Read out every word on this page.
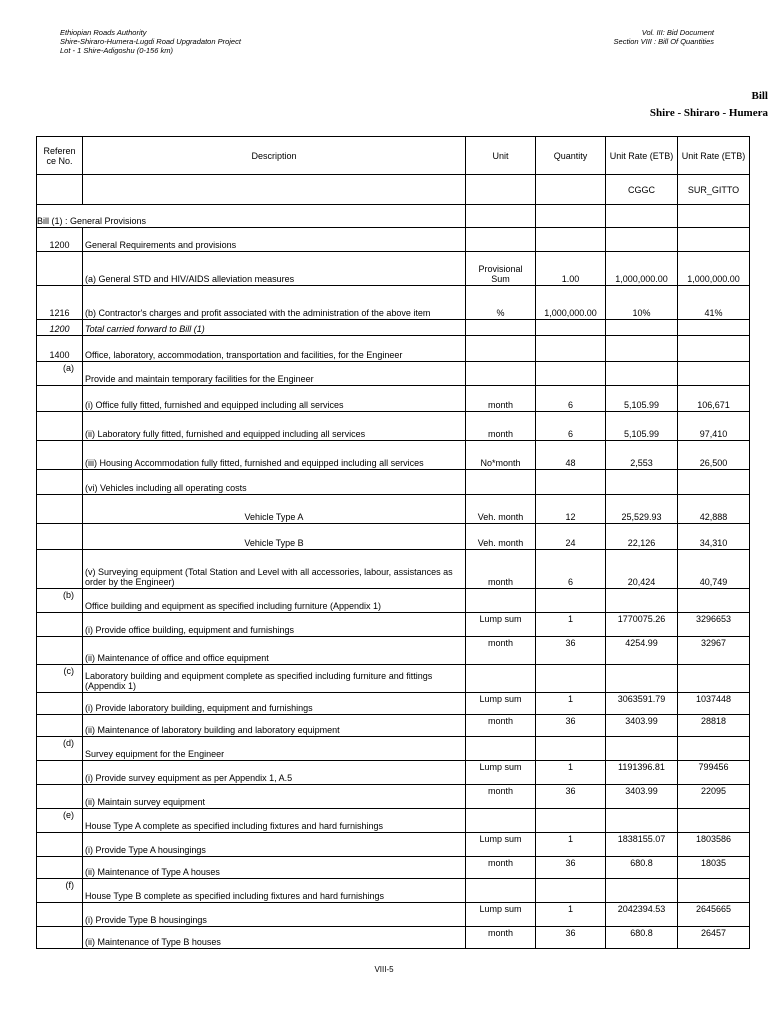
Ethiopian Roads Authority
Shire-Shiraro-Humera-Lugdi Road Upgradaton Project
Lot - 1 Shire-Adigoshu (0-156 km)
Vol. III: Bid Document
Section VIII : Bill Of Quantities
Bill
Shire - Shiraro - Humera
Referen ce No.	Description	Unit	Quantity	Unit Rate (ETB)	Unit Rate (ETB)
				CGGC	SUR_GITTO
Bill (1) : General Provisions					
1200	General Requirements and provisions				
	(a) General STD and HIV/AIDS alleviation measures	Provisional Sum	1.00	1,000,000.00	1,000,000.00
1216	(b) Contractor's charges and profit associated with the administration of the above item	%	1,000,000.00	10%	41%
1200	Total carried forward to Bill (1)				
1400	Office, laboratory, accommodation, transportation and facilities, for the Engineer				
(a)	Provide and maintain temporary facilities for the Engineer				
	(i) Office fully fitted, furnished and equipped including all services	month	6	5,105.99	106,671
	(ii) Laboratory fully fitted, furnished and equipped including all services	month	6	5,105.99	97,410
	(iii) Housing Accommodation fully fitted, furnished and equipped including all services	No*month	48	2,553	26,500
	(vi) Vehicles including all operating costs				
	Vehicle Type A	Veh. month	12	25,529.93	42,888
	Vehicle Type B	Veh. month	24	22,126	34,310
	(v) Surveying equipment (Total Station and Level with all accessories, labour, assistances as order by the Engineer)	month	6	20,424	40,749
(b)	Office building and equipment as specified including furniture (Appendix 1)				
	(i) Provide office building, equipment and furnishings	Lump sum	1	1770075.26	3296653
	(ii) Maintenance of office and office equipment	month	36	4254.99	32967
(c)	Laboratory building and equipment complete as specified including furniture and fittings (Appendix 1)				
	(i) Provide laboratory building, equipment and furnishings	Lump sum	1	3063591.79	1037448
	(ii) Maintenance of laboratory building and laboratory equipment	month	36	3403.99	28818
(d)	Survey equipment for the Engineer				
	(i) Provide survey equipment as per Appendix 1, A.5	Lump sum	1	1191396.81	799456
	(ii) Maintain survey equipment	month	36	3403.99	22095
(e)	House Type A complete as specified including fixtures and hard furnishings				
	(i) Provide Type A housingings	Lump sum	1	1838155.07	1803586
	(ii) Maintenance of Type A houses	month	36	680.8	18035
(f)	House Type B complete as specified including fixtures and hard furnishings				
	(i) Provide Type B housingings	Lump sum	1	2042394.53	2645665
	(ii) Maintenance of Type B houses	month	36	680.8	26457
VIII-5
